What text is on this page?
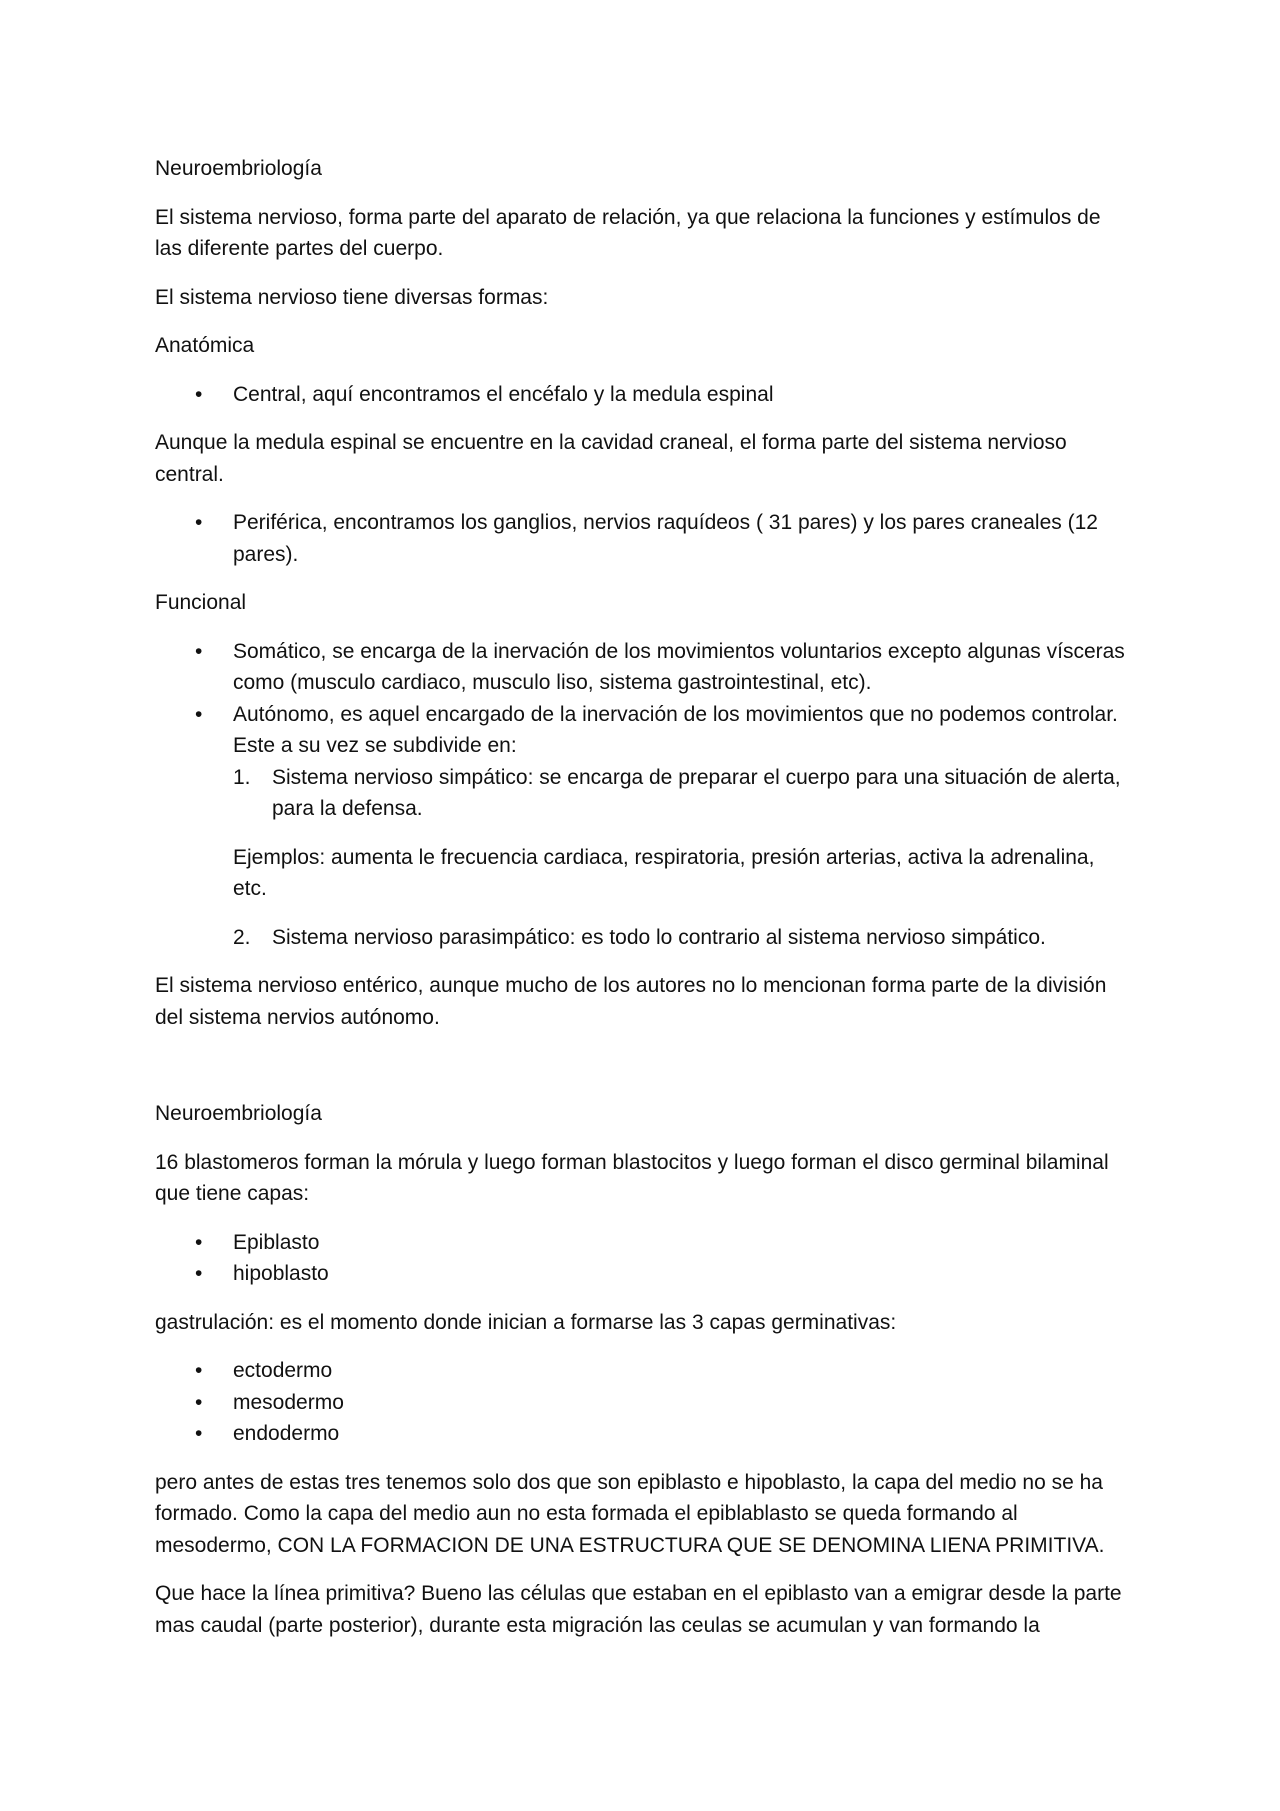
Neuroembriología

El sistema nervioso, forma parte del aparato de relación, ya que relaciona la funciones y estímulos de las diferente partes del cuerpo.

El sistema nervioso tiene diversas formas:

Anatómica

• Central, aquí encontramos el encéfalo y la medula espinal

Aunque la medula espinal se encuentre en la cavidad craneal, el forma parte del sistema nervioso central.

• Periférica, encontramos los ganglios, nervios raquídeos ( 31 pares) y los pares craneales (12 pares).

Funcional

• Somático, se encarga de la inervación de los movimientos voluntarios excepto algunas vísceras como (musculo cardiaco, musculo liso, sistema gastrointestinal, etc).
• Autónomo, es aquel encargado de la inervación de los movimientos que no podemos controlar. Este a su vez se subdivide en:
1. Sistema nervioso simpático: se encarga de preparar el cuerpo para una situación de alerta, para la defensa.

Ejemplos: aumenta le frecuencia cardiaca, respiratoria, presión arterias, activa la adrenalina, etc.

2. Sistema nervioso parasimpático: es todo lo contrario al sistema nervioso simpático.

El sistema nervioso entérico, aunque mucho de los autores no lo mencionan forma parte de la división del sistema nervios autónomo.

Neuroembriología

16 blastomeros forman la mórula y luego forman blastocitos y luego forman el disco germinal bilaminal que tiene capas:

• Epiblasto
• hipoblasto

gastrulación: es el momento donde inician a formarse las 3 capas germinativas:

• ectodermo
• mesodermo
• endodermo

pero antes de estas tres tenemos solo dos que son epiblasto e hipoblasto, la capa del medio no se ha formado. Como la capa del medio aun no esta formada el epiblablasto se queda formando al mesodermo, CON LA FORMACION DE UNA ESTRUCTURA QUE SE DENOMINA LIENA PRIMITIVA.

Que hace la línea primitiva? Bueno las células que estaban en el epiblasto van a emigrar desde la parte mas caudal (parte posterior), durante esta migración las ceulas se acumulan y van formando la
